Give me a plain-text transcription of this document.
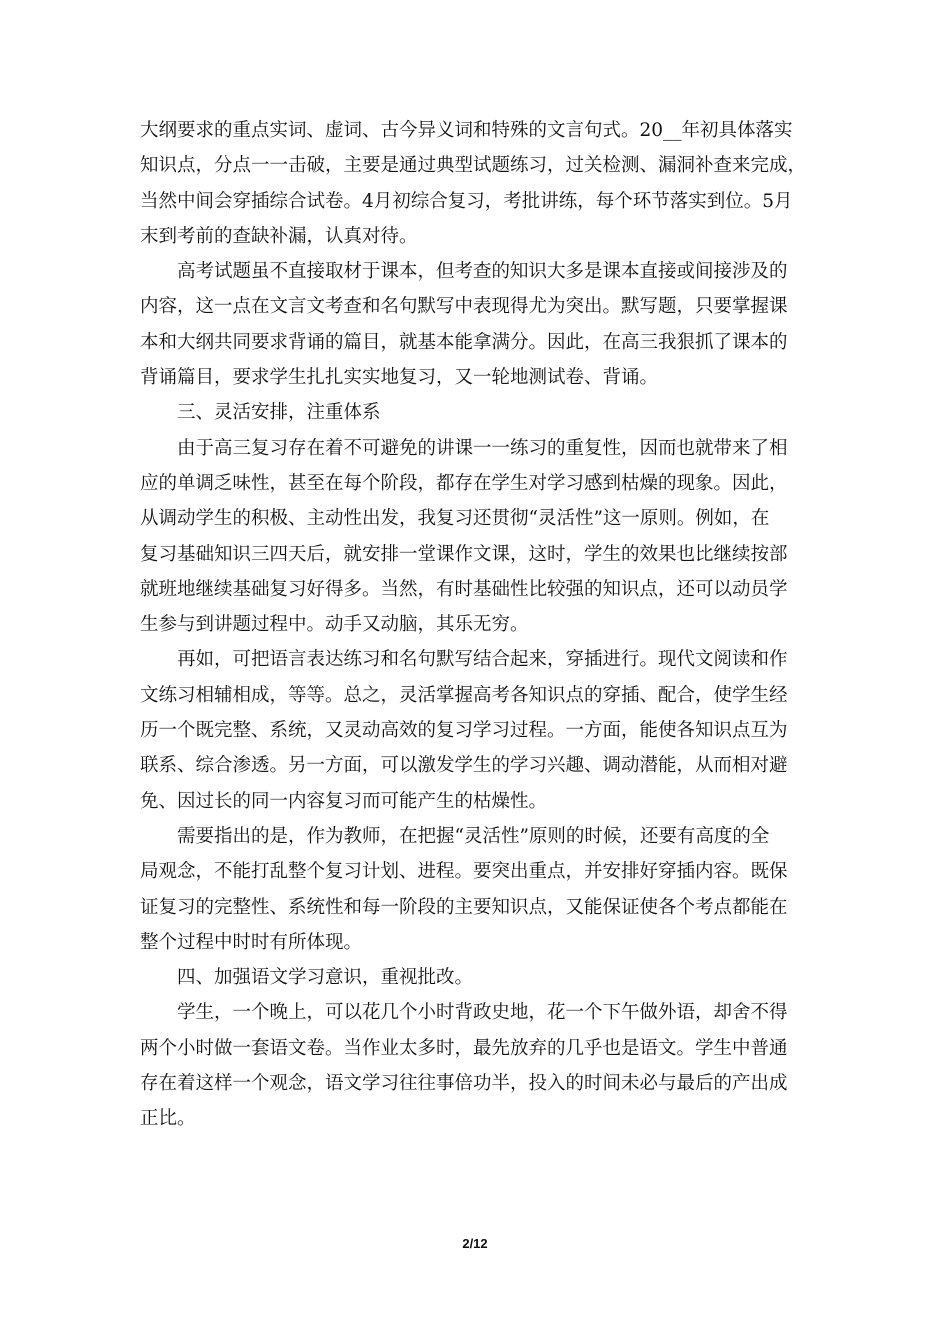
大纲要求的重点实词、虚词、古今异义词和特殊的文言句式。20__年初具体落实
知识点，分点一一击破，主要是通过典型试题练习，过关检测、漏洞补查来完成，
当然中间会穿插综合试卷。4月初综合复习，考批讲练，每个环节落实到位。5月
末到考前的查缺补漏，认真对待。
高考试题虽不直接取材于课本，但考查的知识大多是课本直接或间接涉及的
内容，这一点在文言文考查和名句默写中表现得尤为突出。默写题，只要掌握课
本和大纲共同要求背诵的篇目，就基本能拿满分。因此，在高三我狠抓了课本的
背诵篇目，要求学生扎扎实实地复习，又一轮地测试卷、背诵。
三、灵活安排，注重体系
由于高三复习存在着不可避免的讲课一一练习的重复性，因而也就带来了相
应的单调乏味性，甚至在每个阶段，都存在学生对学习感到枯燥的现象。因此，
从调动学生的积极、主动性出发，我复习还贯彻“灵活性”这一原则。例如，在
复习基础知识三四天后，就安排一堂课作文课，这时，学生的效果也比继续按部
就班地继续基础复习好得多。当然，有时基础性比较强的知识点，还可以动员学
生参与到讲题过程中。动手又动脑，其乐无穷。
再如，可把语言表达练习和名句默写结合起来，穿插进行。现代文阅读和作
文练习相辅相成，等等。总之，灵活掌握高考各知识点的穿插、配合，使学生经
历一个既完整、系统，又灵动高效的复习学习过程。一方面，能使各知识点互为
联系、综合渗透。另一方面，可以激发学生的学习兴趣、调动潜能，从而相对避
免、因过长的同一内容复习而可能产生的枯燥性。
需要指出的是，作为教师，在把握“灵活性”原则的时候，还要有高度的全
局观念，不能打乱整个复习计划、进程。要突出重点，并安排好穿插内容。既保
证复习的完整性、系统性和每一阶段的主要知识点，又能保证使各个考点都能在
整个过程中时时有所体现。
四、加强语文学习意识，重视批改。
学生，一个晚上，可以花几个小时背政史地，花一个下午做外语，却舍不得
两个小时做一套语文卷。当作业太多时，最先放弃的几乎也是语文。学生中普通
存在着这样一个观念，语文学习往往事倍功半，投入的时间未必与最后的产出成
正比。
2/12
